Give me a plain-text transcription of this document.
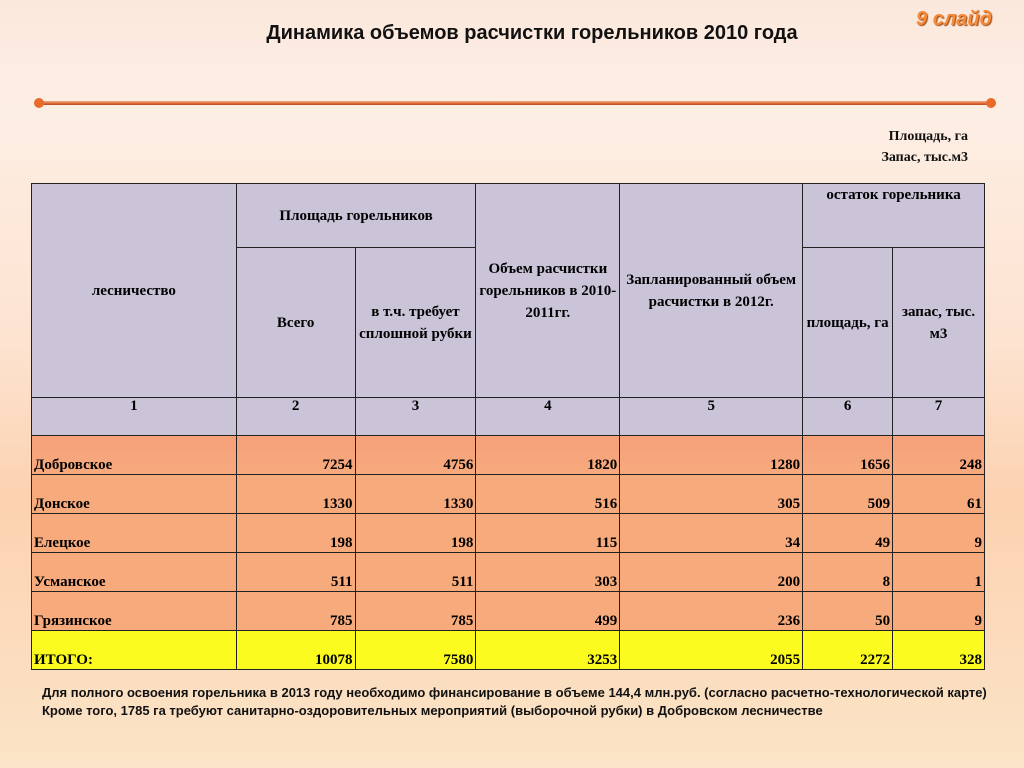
9 слайд
Динамика объемов расчистки горельников 2010 года
Площадь, га
Запас, тыс.м3
лесничество	Площадь горельников		Объем расчистки горельников в 2010-2011гг.	Запланированный объем расчистки в 2012г.	остаток горельника	
	Всего	в т.ч. требует сплошной рубки			площадь, га	запас, тыс. м3
1	2	3	4	5	6	7
Добровское	7254	4756	1820	1280	1656	248
Донское	1330	1330	516	305	509	61
Елецкое	198	198	115	34	49	9
Усманское	511	511	303	200	8	1
Грязинское	785	785	499	236	50	9
ИТОГО:	10078	7580	3253	2055	2272	328
Для полного освоения горельника в 2013 году необходимо финансирование в объеме 144,4 млн.руб. (согласно расчетно-технологической карте)
Кроме того, 1785 га требуют санитарно-оздоровительных мероприятий (выборочной рубки) в Добровском лесничестве
